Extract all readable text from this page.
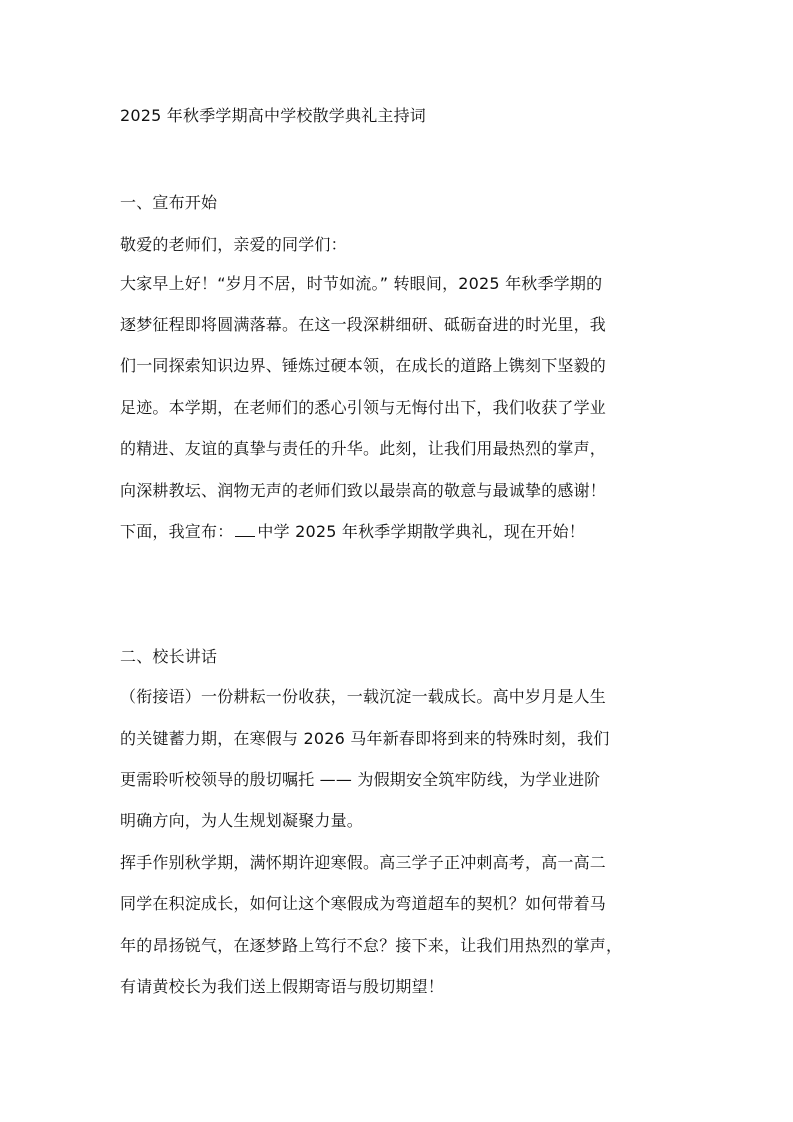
2025 年秋季学期高中学校散学典礼主持词
一、宣布开始
敬爱的老师们，亲爱的同学们：
大家早上好！“岁月不居，时节如流。” 转眼间，2025 年秋季学期的
逐梦征程即将圆满落幕。在这一段深耕细研、砥砺奋进的时光里，我
们一同探索知识边界、锤炼过硬本领，在成长的道路上镌刻下坚毅的
足迹。本学期，在老师们的悉心引领与无悔付出下，我们收获了学业
的精进、友谊的真挚与责任的升华。此刻，让我们用最热烈的掌声，
向深耕教坛、润物无声的老师们致以最崇高的敬意与最诚挚的感谢！
下面，我宣布： 中学 2025 年秋季学期散学典礼，现在开始！
二、校长讲话
（衔接语）一份耕耘一份收获，一载沉淀一载成长。高中岁月是人生
的关键蓄力期，在寒假与 2026 马年新春即将到来的特殊时刻，我们
更需聆听校领导的殷切嘱托 —— 为假期安全筑牢防线，为学业进阶
明确方向，为人生规划凝聚力量。
挥手作别秋学期，满怀期许迎寒假。高三学子正冲刺高考，高一高二
同学在积淀成长，如何让这个寒假成为弯道超车的契机？如何带着马
年的昂扬锐气，在逐梦路上笃行不怠？接下来，让我们用热烈的掌声，
有请黄校长为我们送上假期寄语与殷切期望！
